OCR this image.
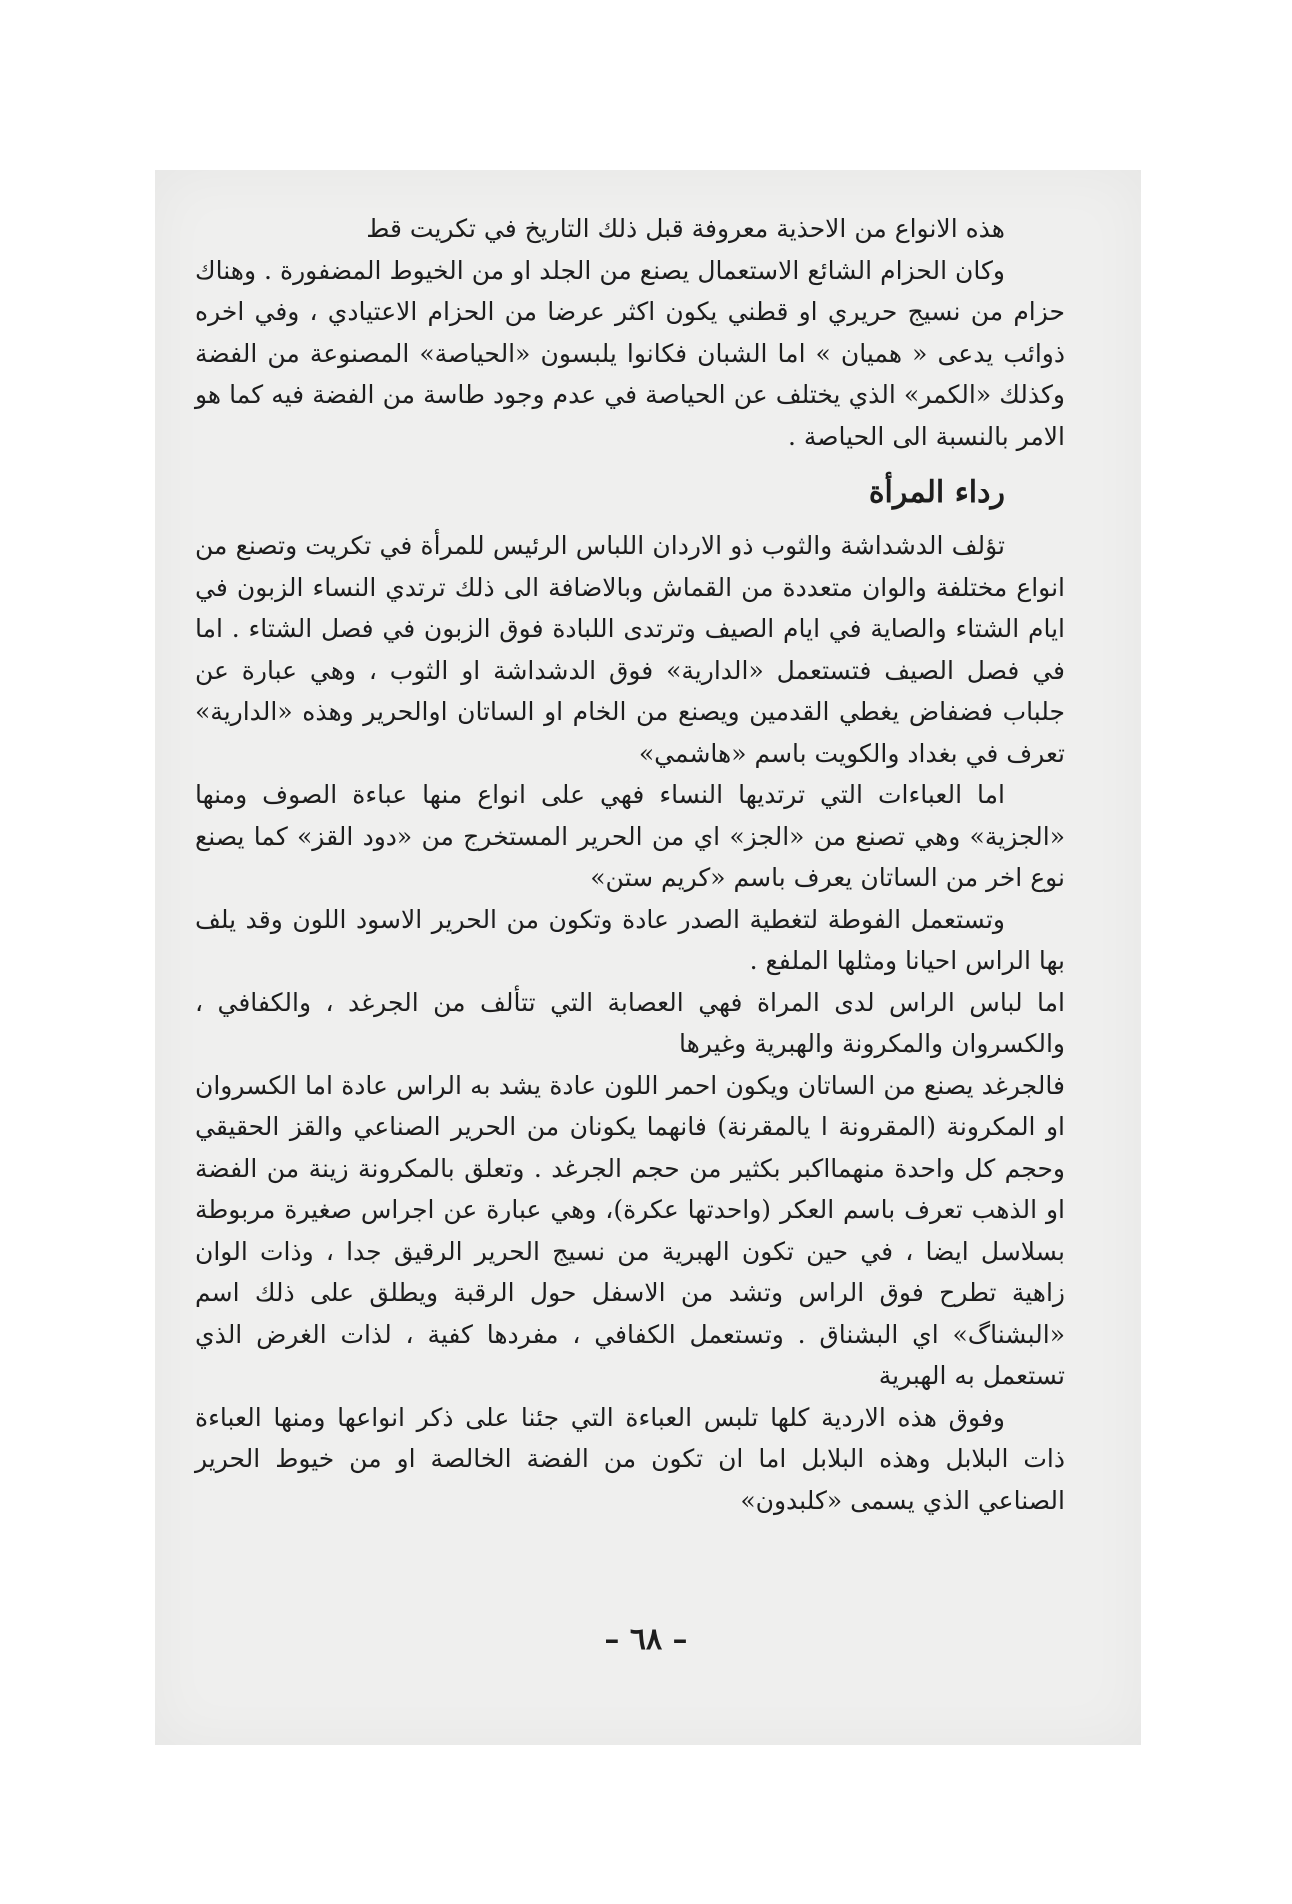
هذه الانواع من الاحذية معروفة قبل ذلك التاريخ في تكريت قط

وكان الحزام الشائع الاستعمال يصنع من الجلد او من الخيوط المضفورة . وهناك حزام من نسيج حريري او قطني يكون اكثر عرضا من الحزام الاعتيادي ، وفي اخره ذوائب يدعى « هميان » اما الشبان فكانوا يلبسون «الحياصة» المصنوعة من الفضة وكذلك «الكمر» الذي يختلف عن الحياصة في عدم وجود طاسة من الفضة فيه كما هو الامر بالنسبة الى الحياصة .

رداء المرأة

تؤلف الدشداشة والثوب ذو الاردان اللباس الرئيس للمرأة في تكريت وتصنع من انواع مختلفة والوان متعددة من القماش وبالاضافة الى ذلك ترتدي النساء الزبون في ايام الشتاء والصاية في ايام الصيف وترتدى اللبادة فوق الزبون في فصل الشتاء . اما في فصل الصيف فتستعمل «الدارية» فوق الدشداشة او الثوب ، وهي عبارة عن جلباب فضفاض يغطي القدمين ويصنع من الخام او الساتان اوالحرير وهذه «الدارية» تعرف في بغداد والكويت باسم «هاشمي»

اما العباءات التي ترتديها النساء فهي على انواع منها عباءة الصوف ومنها «الجزية» وهي تصنع من «الجز» اي من الحرير المستخرج من «دود القز» كما يصنع نوع اخر من الساتان يعرف باسم «كريم ستن»

وتستعمل الفوطة لتغطية الصدر عادة وتكون من الحرير الاسود اللون وقد يلف بها الراس احيانا ومثلها الملفع .

اما لباس الراس لدى المراة فهي العصابة التي تتألف من الجرغد ، والكفافي ، والكسروان والمكرونة والهبرية وغيرها

فالجرغد يصنع من الساتان ويكون احمر اللون عادة يشد به الراس عادة اما الكسروان او المكرونة (المقرونة ا يالمقرنة) فانهما يكونان من الحرير الصناعي والقز الحقيقي وحجم كل واحدة منهمااكبر بكثير من حجم الجرغد . وتعلق بالمكرونة زينة من الفضة او الذهب تعرف باسم العكر (واحدتها عكرة)، وهي عبارة عن اجراس صغيرة مربوطة بسلاسل ايضا ، في حين تكون الهبرية من نسيج الحرير الرقيق جدا ، وذات الوان زاهية تطرح فوق الراس وتشد من الاسفل حول الرقبة ويطلق على ذلك اسم «البشناگ» اي البشناق . وتستعمل الكفافي ، مفردها كفية ، لذات الغرض الذي تستعمل به الهبرية

وفوق هذه الاردية كلها تلبس العباءة التي جئنا على ذكر انواعها ومنها العباءة ذات البلابل وهذه البلابل اما ان تكون من الفضة الخالصة او من خيوط الحرير الصناعي الذي يسمى «كلبدون»

– ٦٨ –
